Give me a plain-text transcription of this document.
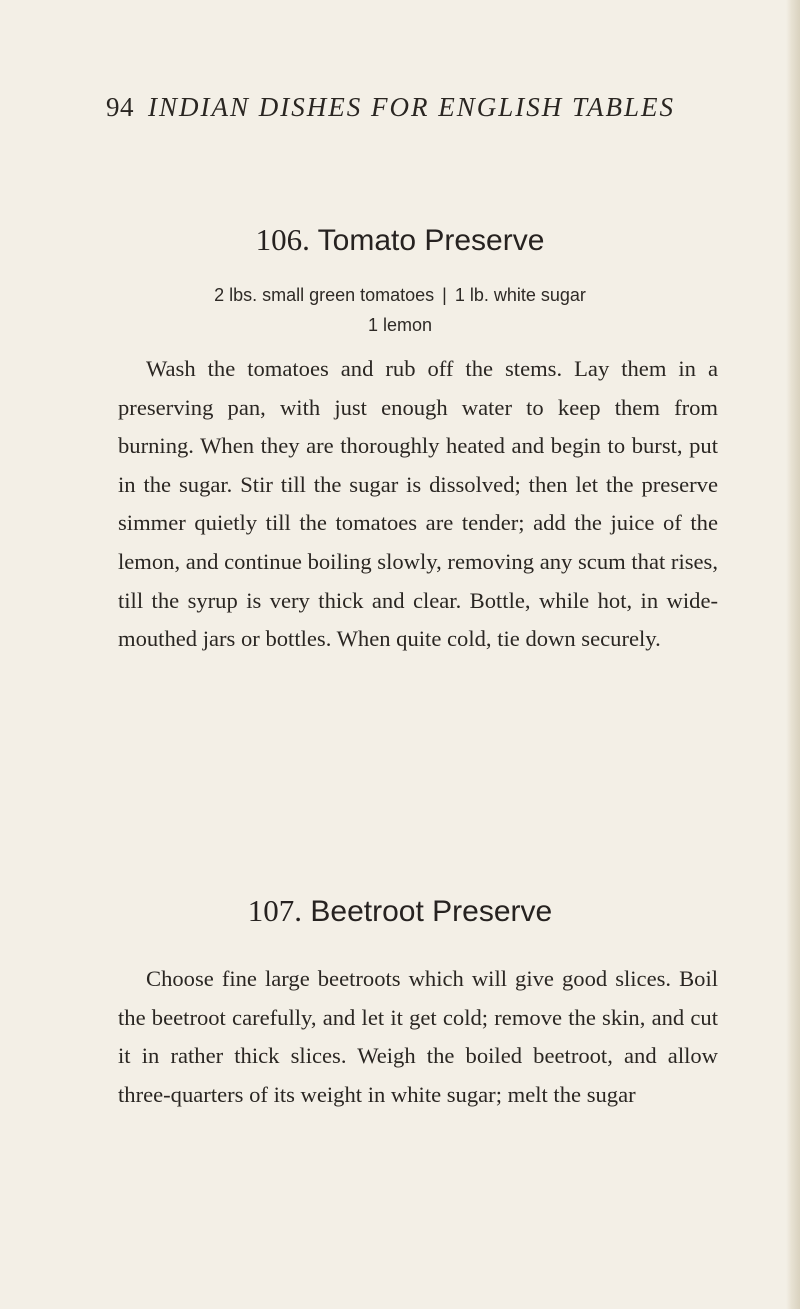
94 INDIAN DISHES FOR ENGLISH TABLES
106. Tomato Preserve
2 lbs. small green tomatoes | 1 lb. white sugar
1 lemon

Wash the tomatoes and rub off the stems. Lay them in a preserving pan, with just enough water to keep them from burning. When they are thoroughly heated and begin to burst, put in the sugar. Stir till the sugar is dissolved; then let the preserve simmer quietly till the tomatoes are tender; add the juice of the lemon, and continue boiling slowly, removing any scum that rises, till the syrup is very thick and clear. Bottle, while hot, in wide-mouthed jars or bottles. When quite cold, tie down securely.

107. Beetroot Preserve

Choose fine large beetroots which will give good slices. Boil the beetroot carefully, and let it get cold; remove the skin, and cut it in rather thick slices. Weigh the boiled beetroot, and allow three-quarters of its weight in white sugar; melt the sugar
